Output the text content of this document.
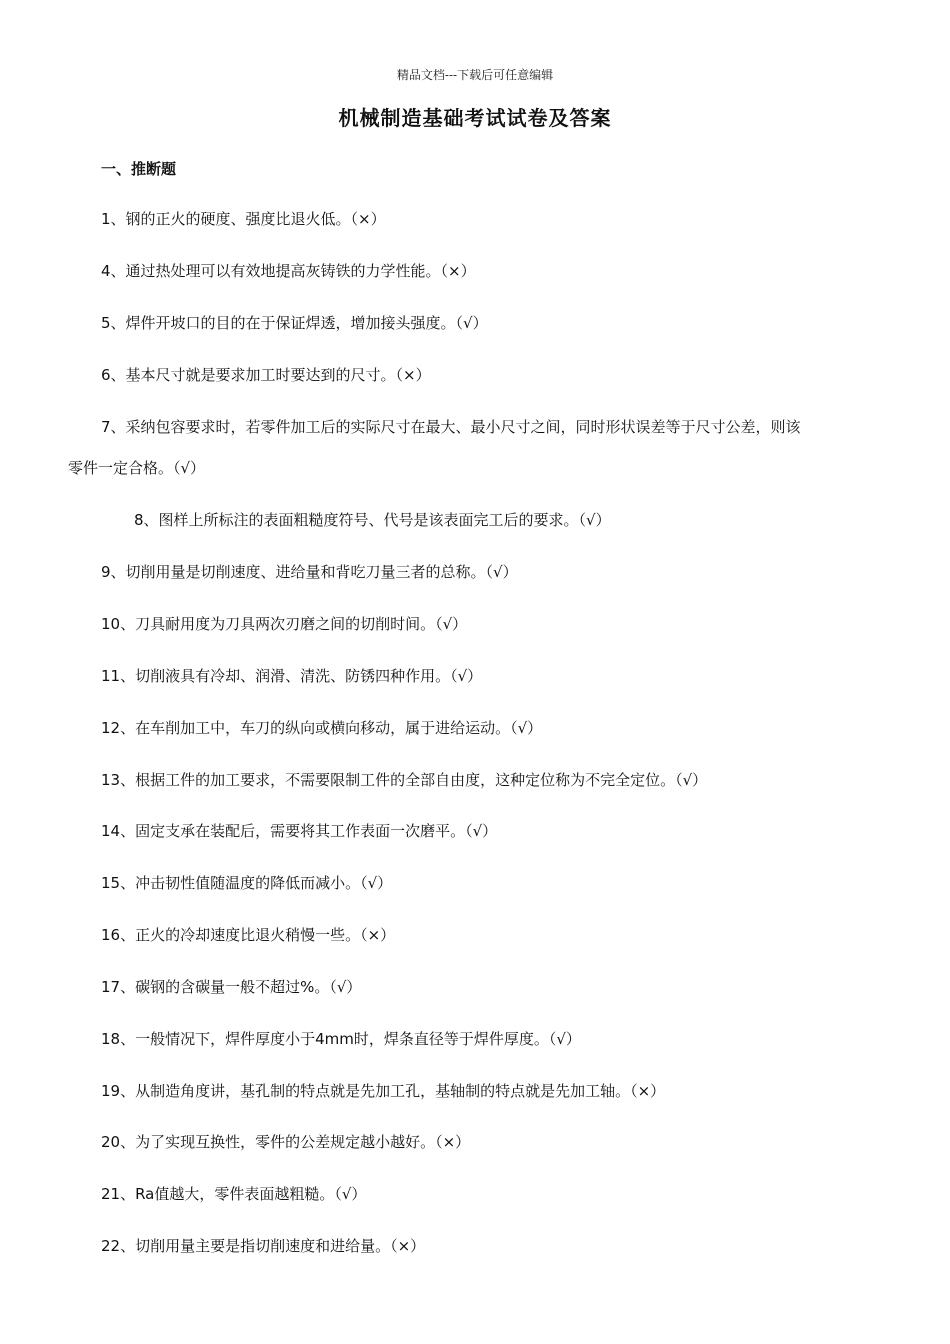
精品文档---下载后可任意编辑
机械制造基础考试试卷及答案
一、推断题
1、钢的正火的硬度、强度比退火低。（×）
4、通过热处理可以有效地提高灰铸铁的力学性能。（×）
5、焊件开坡口的目的在于保证焊透，增加接头强度。（√）
6、基本尺寸就是要求加工时要达到的尺寸。（×）
7、采纳包容要求时，若零件加工后的实际尺寸在最大、最小尺寸之间，同时形状误差等于尺寸公差，则该
零件一定合格。（√）
8、图样上所标注的表面粗糙度符号、代号是该表面完工后的要求。（√）
9、切削用量是切削速度、进给量和背吃刀量三者的总称。（√）
10、刀具耐用度为刀具两次刃磨之间的切削时间。（√）
11、切削液具有冷却、润滑、清洗、防锈四种作用。（√）
12、在车削加工中，车刀的纵向或横向移动，属于进给运动。（√）
13、根据工件的加工要求，不需要限制工件的全部自由度，这种定位称为不完全定位。（√）
14、固定支承在装配后，需要将其工作表面一次磨平。（√）
15、冲击韧性值随温度的降低而减小。（√）
16、正火的冷却速度比退火稍慢一些。（×）
17、碳钢的含碳量一般不超过%。（√）
18、一般情况下，焊件厚度小于4mm时，焊条直径等于焊件厚度。（√）
19、从制造角度讲，基孔制的特点就是先加工孔，基轴制的特点就是先加工轴。（×）
20、为了实现互换性，零件的公差规定越小越好。（×）
21、Ra值越大，零件表面越粗糙。（√）
22、切削用量主要是指切削速度和进给量。（×）
